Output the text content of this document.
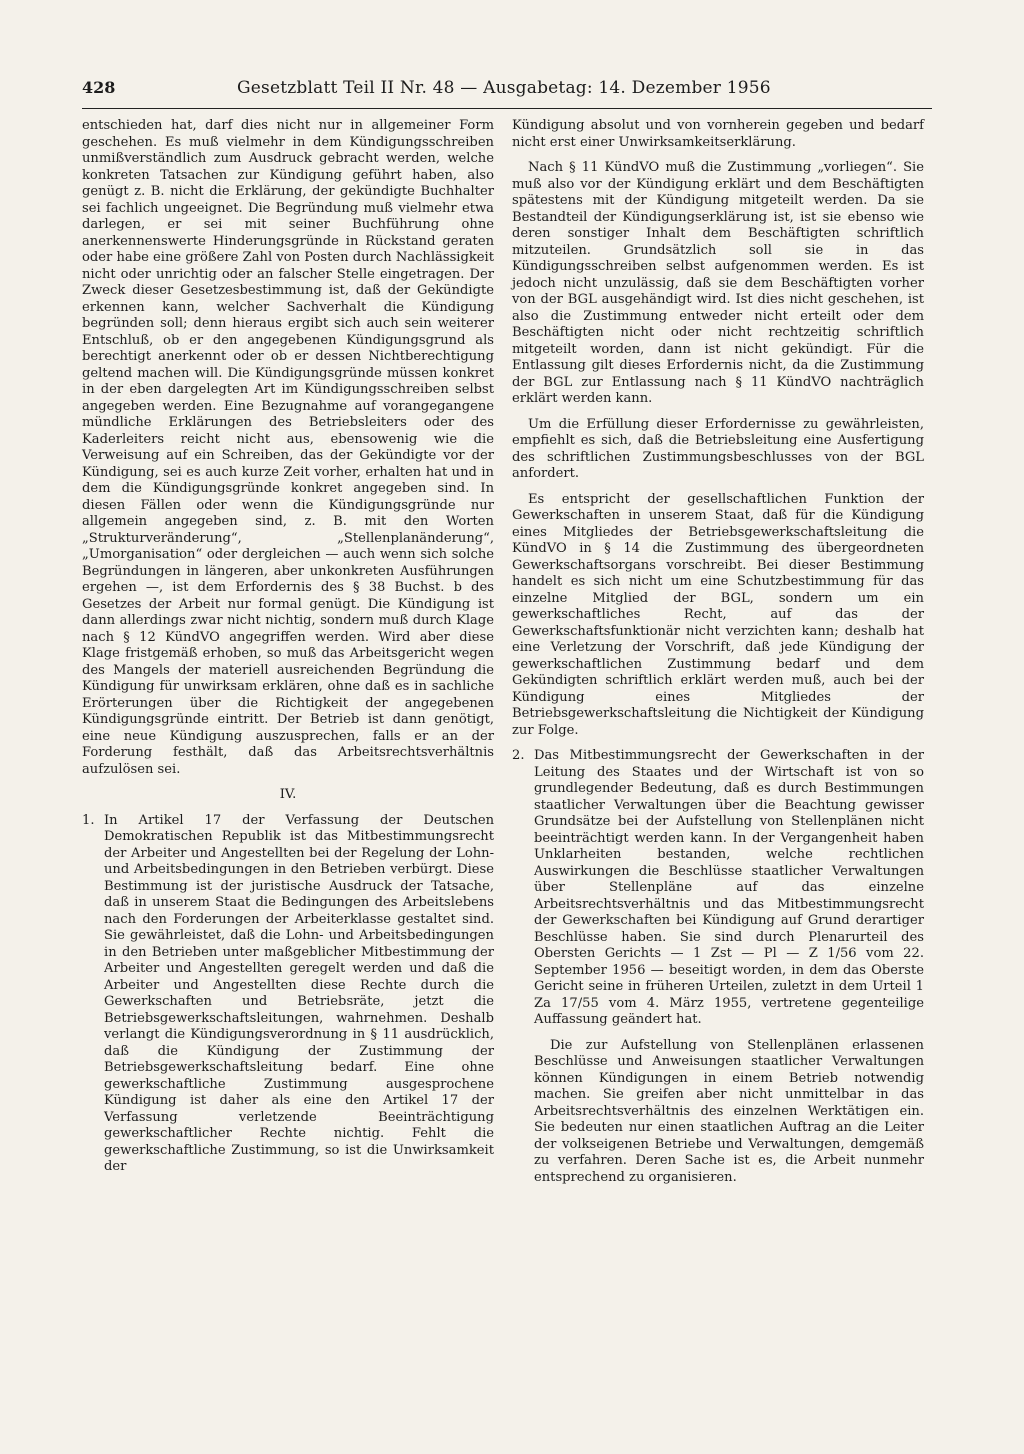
428	Gesetzblatt Teil II Nr. 48 — Ausgabetag: 14. Dezember 1956

entschieden hat, darf dies nicht nur in allgemeiner Form geschehen. Es muß vielmehr in dem Kündigungsschreiben unmißverständlich zum Ausdruck gebracht werden, welche konkreten Tatsachen zur Kündigung geführt haben, also genügt z. B. nicht die Erklärung, der gekündigte Buchhalter sei fachlich ungeeignet. Die Begründung muß vielmehr etwa darlegen, er sei mit seiner Buchführung ohne anerkennenswerte Hinderungsgründe in Rückstand geraten oder habe eine größere Zahl von Posten durch Nachlässigkeit nicht oder unrichtig oder an falscher Stelle eingetragen. Der Zweck dieser Gesetzesbestimmung ist, daß der Gekündigte erkennen kann, welcher Sachverhalt die Kündigung begründen soll; denn hieraus ergibt sich auch sein weiterer Entschluß, ob er den angegebenen Kündigungsgrund als berechtigt anerkennt oder ob er dessen Nichtberechtigung geltend machen will. Die Kündigungsgründe müssen konkret in der eben dargelegten Art im Kündigungsschreiben selbst angegeben werden. Eine Bezugnahme auf vorangegangene mündliche Erklärungen des Betriebsleiters oder des Kaderleiters reicht nicht aus, ebensowenig wie die Verweisung auf ein Schreiben, das der Gekündigte vor der Kündigung, sei es auch kurze Zeit vorher, erhalten hat und in dem die Kündigungsgründe konkret angegeben sind. In diesen Fällen oder wenn die Kündigungsgründe nur allgemein angegeben sind, z. B. mit den Worten „Strukturveränderung“, „Stellenplanänderung“, „Umorganisation“ oder dergleichen — auch wenn sich solche Begründungen in längeren, aber unkonkreten Ausführungen ergehen —, ist dem Erfordernis des § 38 Buchst. b des Gesetzes der Arbeit nur formal genügt. Die Kündigung ist dann allerdings zwar nicht nichtig, sondern muß durch Klage nach § 12 KündVO angegriffen werden. Wird aber diese Klage fristgemäß erhoben, so muß das Arbeitsgericht wegen des Mangels der materiell ausreichenden Begründung die Kündigung für unwirksam erklären, ohne daß es in sachliche Erörterungen über die Richtigkeit der angegebenen Kündigungsgründe eintritt. Der Betrieb ist dann genötigt, eine neue Kündigung auszusprechen, falls er an der Forderung festhält, daß das Arbeitsrechtsverhältnis aufzulösen sei.

IV.

1. In Artikel 17 der Verfassung der Deutschen Demokratischen Republik ist das Mitbestimmungsrecht der Arbeiter und Angestellten bei der Regelung der Lohn- und Arbeitsbedingungen in den Betrieben verbürgt. Diese Bestimmung ist der juristische Ausdruck der Tatsache, daß in unserem Staat die Bedingungen des Arbeitslebens nach den Forderungen der Arbeiterklasse gestaltet sind. Sie gewährleistet, daß die Lohn- und Arbeitsbedingungen in den Betrieben unter maßgeblicher Mitbestimmung der Arbeiter und Angestellten geregelt werden und daß die Arbeiter und Angestellten diese Rechte durch die Gewerkschaften und Betriebsräte, jetzt die Betriebsgewerkschaftsleitungen, wahrnehmen. Deshalb verlangt die Kündigungsverordnung in § 11 ausdrücklich, daß die Kündigung der Zustimmung der Betriebsgewerkschaftsleitung bedarf. Eine ohne gewerkschaftliche Zustimmung ausgesprochene Kündigung ist daher als eine den Artikel 17 der Verfassung verletzende Beeinträchtigung gewerkschaftlicher Rechte nichtig. Fehlt die gewerkschaftliche Zustimmung, so ist die Unwirksamkeit der

Kündigung absolut und von vornherein gegeben und bedarf nicht erst einer Unwirksamkeitserklärung.

Nach § 11 KündVO muß die Zustimmung „vorliegen“. Sie muß also vor der Kündigung erklärt und dem Beschäftigten spätestens mit der Kündigung mitgeteilt werden. Da sie Bestandteil der Kündigungserklärung ist, ist sie ebenso wie deren sonstiger Inhalt dem Beschäftigten schriftlich mitzuteilen. Grundsätzlich soll sie in das Kündigungsschreiben selbst aufgenommen werden. Es ist jedoch nicht unzulässig, daß sie dem Beschäftigten vorher von der BGL ausgehändigt wird. Ist dies nicht geschehen, ist also die Zustimmung entweder nicht erteilt oder dem Beschäftigten nicht oder nicht rechtzeitig schriftlich mitgeteilt worden, dann ist nicht gekündigt. Für die Entlassung gilt dieses Erfordernis nicht, da die Zustimmung der BGL zur Entlassung nach § 11 KündVO nachträglich erklärt werden kann.

Um die Erfüllung dieser Erfordernisse zu gewährleisten, empfiehlt es sich, daß die Betriebsleitung eine Ausfertigung des schriftlichen Zustimmungsbeschlusses von der BGL anfordert.

Es entspricht der gesellschaftlichen Funktion der Gewerkschaften in unserem Staat, daß für die Kündigung eines Mitgliedes der Betriebsgewerkschaftsleitung die KündVO in § 14 die Zustimmung des übergeordneten Gewerkschaftsorgans vorschreibt. Bei dieser Bestimmung handelt es sich nicht um eine Schutzbestimmung für das einzelne Mitglied der BGL, sondern um ein gewerkschaftliches Recht, auf das der Gewerkschaftsfunktionär nicht verzichten kann; deshalb hat eine Verletzung der Vorschrift, daß jede Kündigung der gewerkschaftlichen Zustimmung bedarf und dem Gekündigten schriftlich erklärt werden muß, auch bei der Kündigung eines Mitgliedes der Betriebsgewerkschaftsleitung die Nichtigkeit der Kündigung zur Folge.

2. Das Mitbestimmungsrecht der Gewerkschaften in der Leitung des Staates und der Wirtschaft ist von so grundlegender Bedeutung, daß es durch Bestimmungen staatlicher Verwaltungen über die Beachtung gewisser Grundsätze bei der Aufstellung von Stellenplänen nicht beeinträchtigt werden kann. In der Vergangenheit haben Unklarheiten bestanden, welche rechtlichen Auswirkungen die Beschlüsse staatlicher Verwaltungen über Stellenpläne auf das einzelne Arbeitsrechtsverhältnis und das Mitbestimmungsrecht der Gewerkschaften bei Kündigung auf Grund derartiger Beschlüsse haben. Sie sind durch Plenarurteil des Obersten Gerichts — 1 Zst — Pl — Z 1/56 vom 22. September 1956 — beseitigt worden, in dem das Oberste Gericht seine in früheren Urteilen, zuletzt in dem Urteil 1 Za 17/55 vom 4. März 1955, vertretene gegenteilige Auffassung geändert hat.

Die zur Aufstellung von Stellenplänen erlassenen Beschlüsse und Anweisungen staatlicher Verwaltungen können Kündigungen in einem Betrieb notwendig machen. Sie greifen aber nicht unmittelbar in das Arbeitsrechtsverhältnis des einzelnen Werktätigen ein. Sie bedeuten nur einen staatlichen Auftrag an die Leiter der volkseigenen Betriebe und Verwaltungen, demgemäß zu verfahren. Deren Sache ist es, die Arbeit nunmehr entsprechend zu organisieren.
